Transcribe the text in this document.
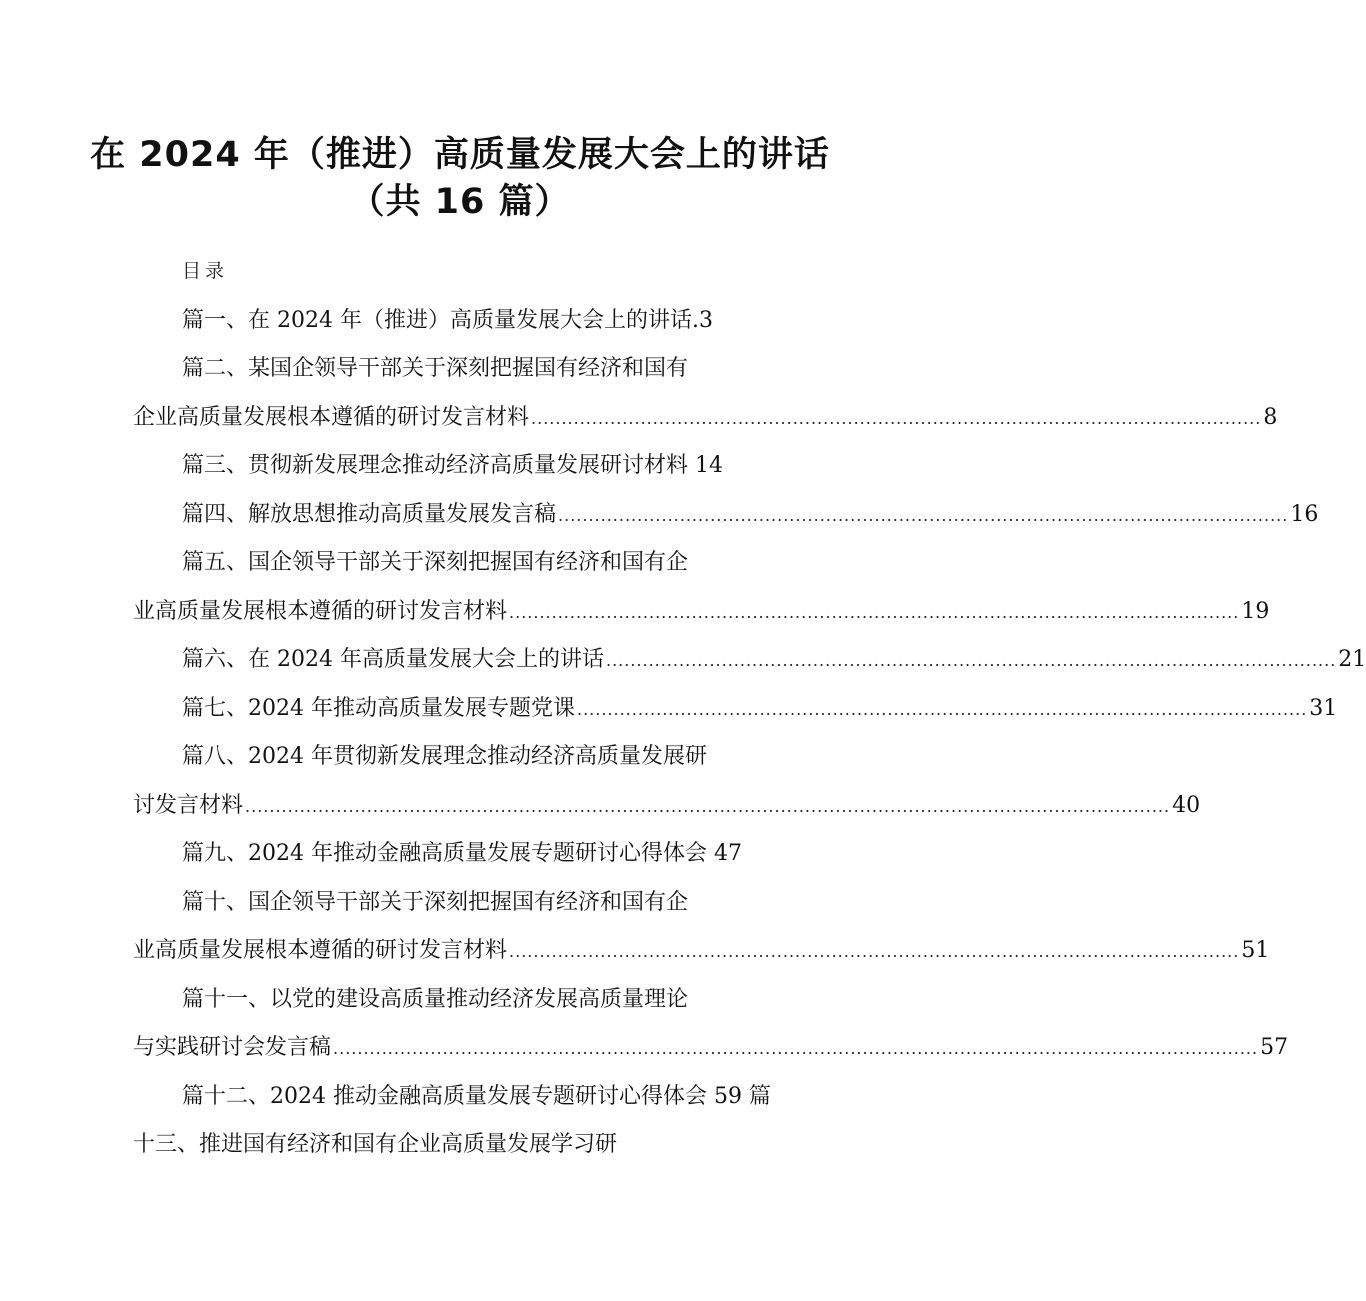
在 2024 年（推进）高质量发展大会上的讲话
（共 16 篇）
目录
篇一、在 2024 年（推进）高质量发展大会上的讲话.3
篇二、某国企领导干部关于深刻把握国有经济和国有
企业高质量发展根本遵循的研讨发言材料 ........................................................................................................................ 8
篇三、贯彻新发展理念推动经济高质量发展研讨材料 14
篇四、解放思想推动高质量发展发言稿 ........................................................................................................................ 16
篇五、国企领导干部关于深刻把握国有经济和国有企
业高质量发展根本遵循的研讨发言材料 ........................................................................................................................ 19
篇六、在 2024 年高质量发展大会上的讲话 ........................................................................................................................ 21
篇七、2024 年推动高质量发展专题党课 ........................................................................................................................ 31
篇八、2024 年贯彻新发展理念推动经济高质量发展研
讨发言材料 ........................................................................................................................................................ 40
篇九、2024 年推动金融高质量发展专题研讨心得体会 47
篇十、国企领导干部关于深刻把握国有经济和国有企
业高质量发展根本遵循的研讨发言材料 ........................................................................................................................ 51
篇十一、以党的建设高质量推动经济发展高质量理论
与实践研讨会发言稿 ........................................................................................................................................................ 57
篇十二、2024 推动金融高质量发展专题研讨心得体会 59 篇
十三、推进国有经济和国有企业高质量发展学习研
